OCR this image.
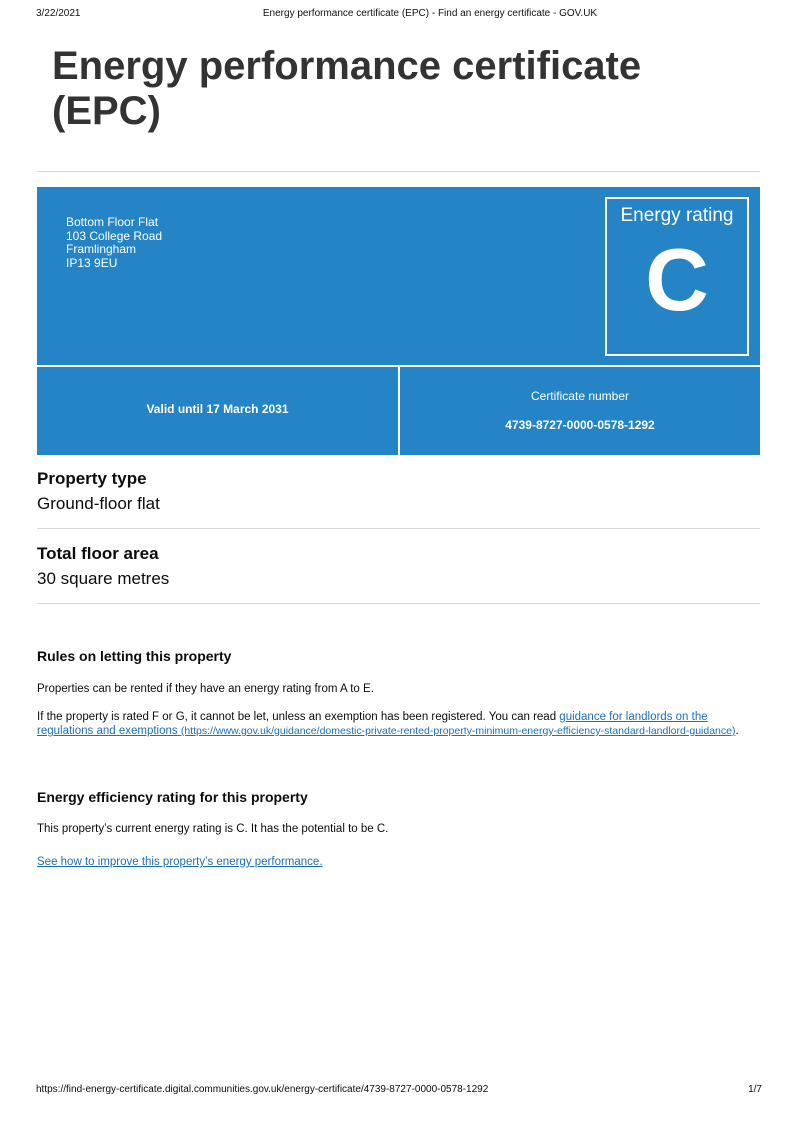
3/22/2021	Energy performance certificate (EPC) - Find an energy certificate - GOV.UK
Energy performance certificate (EPC)
Bottom Floor Flat
103 College Road
Framlingham
IP13 9EU
Energy rating
C
Valid until 17 March 2031
Certificate number
4739-8727-0000-0578-1292
Property type

Ground-floor flat

Total floor area

30 square metres

Rules on letting this property

Properties can be rented if they have an energy rating from A to E.

If the property is rated F or G, it cannot be let, unless an exemption has been registered. You can read guidance for landlords on the regulations and exemptions (https://www.gov.uk/guidance/domestic-private-rented-property-minimum-energy-efficiency-standard-landlord-guidance).

Energy efficiency rating for this property

This property’s current energy rating is C. It has the potential to be C.

See how to improve this property’s energy performance.

https://find-energy-certificate.digital.communities.gov.uk/energy-certificate/4739-8727-0000-0578-1292	1/7
